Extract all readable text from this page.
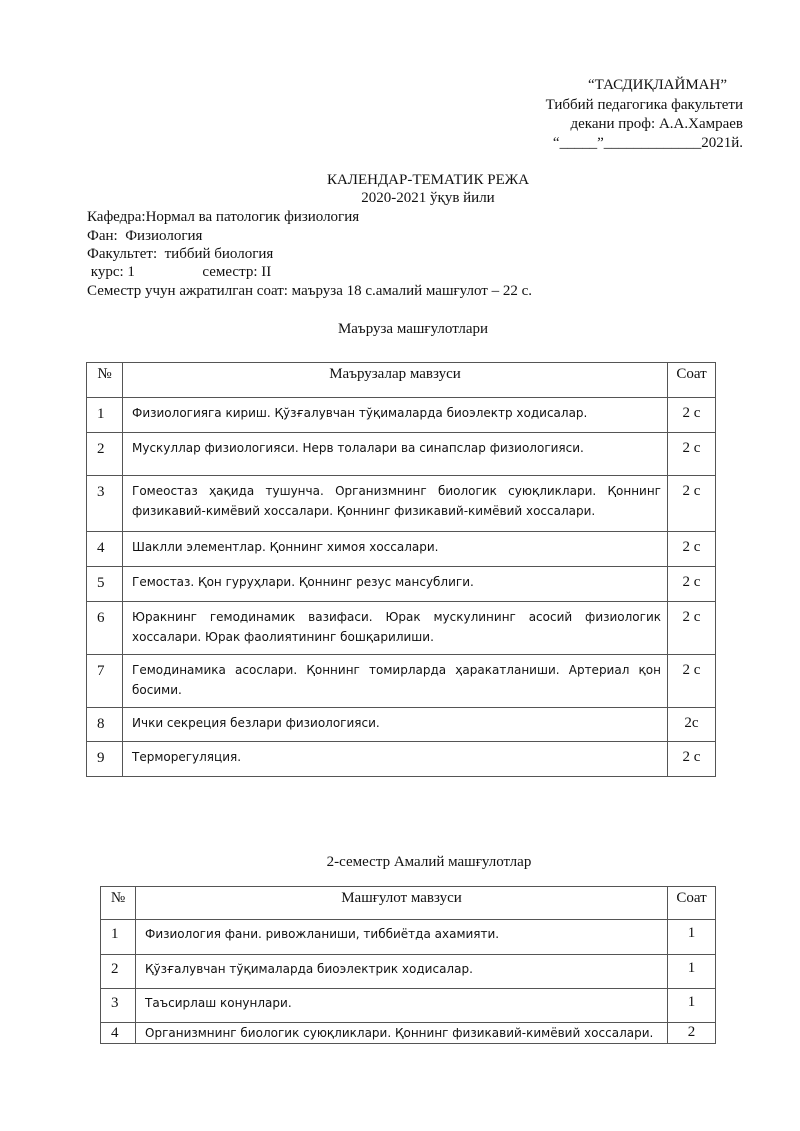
“ТАСДИҚЛАЙМАН”
Тиббий педагогика факультети
декани проф: А.А.Хамраев
“_____”_____________2021й.
КАЛЕНДАР-ТЕМАТИК РЕЖА
2020-2021 ўқув йили
Кафедра:Нормал ва патологик физиология
Фан:  Физиология
Факультет:  тиббий биология
курс: 1                  семестр: II
Семестр учун ажратилган соат: маъруза 18 с.амалий машғулот – 22 с.
Маъруза машғулотлари
№	Маърузалар мавзуси	Соат
1	Физиологияга кириш. Қўзғалувчан тўқималарда биоэлектр ходисалар.	2 с
2	Мускуллар физиологияси. Нерв толалари ва синапслар физиологияси.	2 с
3	Гомеостаз ҳақида тушунча. Организмнинг биологик суюқликлари. Қоннинг физикавий-кимёвий хоссалари. Қоннинг физикавий-кимёвий хоссалари.	2 с
4	Шаклли элементлар. Қоннинг химоя хоссалари.	2 с
5	Гемостаз. Қон гуруҳлари. Қоннинг резус мансублиги.	2 с
6	Юракнинг гемодинамик вазифаси. Юрак мускулининг асосий физиологик хоссалари. Юрак фаолиятининг бошқарилиши.	2 с
7	Гемодинамика асослари. Қоннинг томирларда ҳаракатланиши. Артериал қон босими.	2 с
8	Ички секреция безлари физиологияси.	2с
9	Терморегуляция.	2 с
2-семестр Амалий машғулотлар
№	Машғулот мавзуси	Соат
1	Физиология фани. ривожланиши, тиббиётда ахамияти.	1
2	Қўзғалувчан тўқималарда биоэлектрик ходисалар.	1
3	Таъсирлаш конунлари.	1
4	Организмнинг биологик суюқликлари. Қоннинг физикавий-кимёвий хоссалари.	2
